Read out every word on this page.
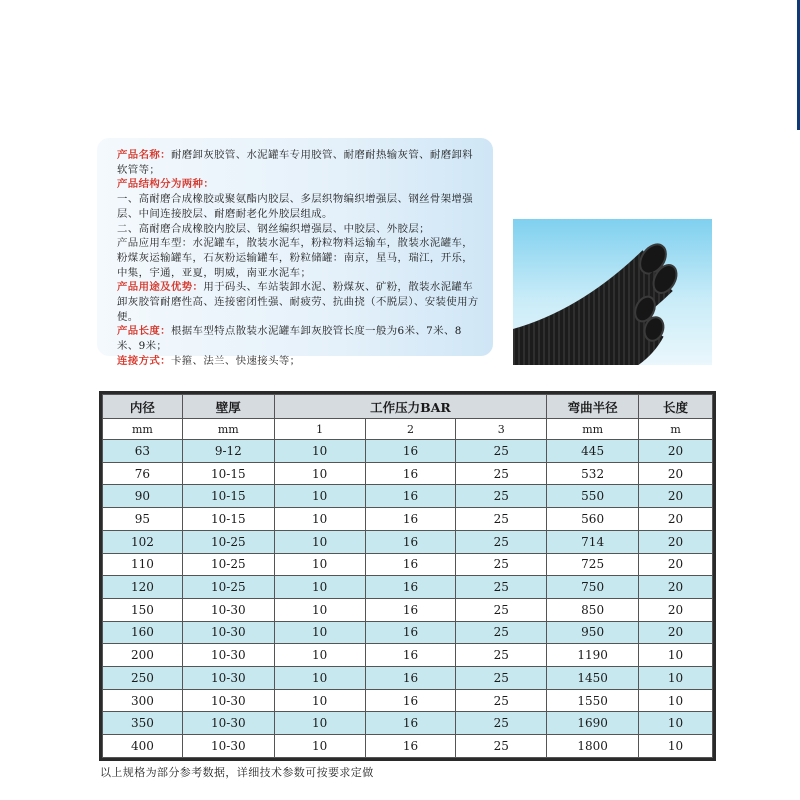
产品名称：耐磨卸灰胶管、水泥罐车专用胶管、耐磨耐热输灰管、耐磨卸料软管等；

产品结构分为两种：

一、高耐磨合成橡胶或聚氨酯内胶层、多层织物编织增强层、钢丝骨架增强层、中间连接胶层、耐磨耐老化外胶层组成。

二、高耐磨合成橡胶内胶层、钢丝编织增强层、中胶层、外胶层；

产品应用车型：水泥罐车，散装水泥车，粉粒物料运输车，散装水泥罐车，粉煤灰运输罐车，石灰粉运输罐车，粉粒储罐：南京，星马，瑞江，开乐，中集，宇通，亚夏，明威，南亚水泥车；

产品用途及优势：用于码头、车站装卸水泥、粉煤灰、矿粉，散装水泥罐车卸灰胶管耐磨性高、连接密闭性强、耐疲劳、抗曲挠（不脱层）、安装使用方便。

产品长度：根据车型特点散装水泥罐车卸灰胶管长度一般为6米、7米、8米、9米；

连接方式：卡箍、法兰、快速接头等；

内径	壁厚	工作压力BAR			弯曲半径	长度
mm	mm	1	2	3	mm	m
63	9-12	10	16	25	445	20
76	10-15	10	16	25	532	20
90	10-15	10	16	25	550	20
95	10-15	10	16	25	560	20
102	10-25	10	16	25	714	20
110	10-25	10	16	25	725	20
120	10-25	10	16	25	750	20
150	10-30	10	16	25	850	20
160	10-30	10	16	25	950	20
200	10-30	10	16	25	1190	10
250	10-30	10	16	25	1450	10
300	10-30	10	16	25	1550	10
350	10-30	10	16	25	1690	10
400	10-30	10	16	25	1800	10
以上规格为部分参考数据，详细技术参数可按要求定做
